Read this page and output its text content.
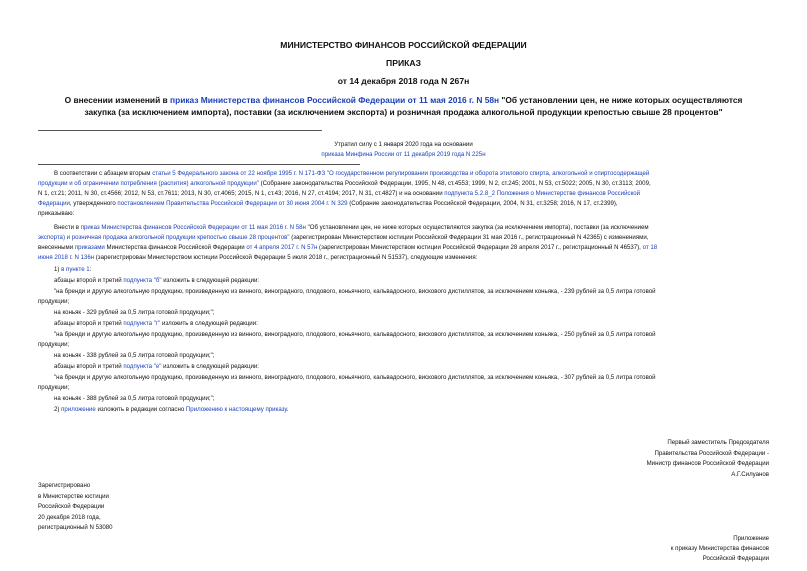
МИНИСТЕРСТВО ФИНАНСОВ РОССИЙСКОЙ ФЕДЕРАЦИИ
ПРИКАЗ
от 14 декабря 2018 года N 267н
О внесении изменений в приказ Министерства финансов Российской Федерации от 11 мая 2016 г. N 58н "Об установлении цен, не ниже которых осуществляются
закупка (за исключением импорта), поставки (за исключением экспорта) и розничная продажа алкогольной продукции крепостью свыше 28 процентов"
Утратил силу с 1 января 2020 года на основании
приказа Минфина России от 11 декабря 2019 года N 225н
В соответствии с абзацем вторым статьи 5 Федерального закона от 22 ноября 1995 г. N 171-ФЗ "О государственном регулировании производства и оборота этилового спирта, алкогольной и спиртосодержащей
продукции и об ограничении потребления (распития) алкогольной продукции" (Собрание законодательства Российской Федерации, 1995, N 48, ст.4553; 1999, N 2, ст.245; 2001, N 53, ст.5022; 2005, N 30, ст.3113; 2009,
N 1, ст.21; 2011, N 30, ст.4566; 2012, N 53, ст.7611; 2013, N 30, ст.4065; 2015, N 1, ст.43; 2016, N 27, ст.4194; 2017, N 31, ст.4827) и на основании подпункта 5.2.8_2 Положения о Министерстве финансов Российской
Федерации, утвержденного постановлением Правительства Российской Федерации от 30 июня 2004 г. N 329 (Собрание законодательства Российской Федерации, 2004, N 31, ст.3258; 2016, N 17, ст.2399),
приказываю:
Внести в приказ Министерства финансов Российской Федерации от 11 мая 2016 г. N 58н "Об установлении цен, не ниже которых осуществляются закупка (за исключением импорта), поставки (за исключением
экспорта) и розничная продажа алкогольной продукции крепостью свыше 28 процентов" (зарегистрирован Министерством юстиции Российской Федерации 31 мая 2016 г., регистрационный N 42365) с изменениями,
внесенными приказами Министерства финансов Российской Федерации от 4 апреля 2017 г. N 57н (зарегистрирован Министерством юстиции Российской Федерации 28 апреля 2017 г., регистрационный N 46537), от 18
июня 2018 г. N 136н (зарегистрирован Министерством юстиции Российской Федерации 5 июля 2018 г., регистрационный N 51537), следующие изменения:
1) в пункте 1:
абзацы второй и третий подпункта "б" изложить в следующей редакции:
"на бренди и другую алкогольную продукцию, произведенную из винного, виноградного, плодового, коньячного, кальвадосного, вискового дистиллятов, за исключением коньяка, - 239 рублей за 0,5 литра готовой
продукции;
на коньяк - 329 рублей за 0,5 литра готовой продукции;";
абзацы второй и третий подпункта "г" изложить в следующей редакции:
"на бренди и другую алкогольную продукцию, произведенную из винного, виноградного, плодового, коньячного, кальвадосного, вискового дистиллятов, за исключением коньяка, - 250 рублей за 0,5 литра готовой
продукции;
на коньяк - 338 рублей за 0,5 литра готовой продукции;";
абзацы второй и третий подпункта "е" изложить в следующей редакции:
"на бренди и другую алкогольную продукцию, произведенную из винного, виноградного, плодового, коньячного, кальвадосного, вискового дистиллятов, за исключением коньяка, - 307 рублей за 0,5 литра готовой
продукции;
на коньяк - 388 рублей за 0,5 литра готовой продукции;";
2) приложение изложить в редакции согласно Приложению к настоящему приказу.
Первый заместитель Председателя
Правительства Российской Федерации -
Министр финансов Российской Федерации
А.Г.Силуанов
Зарегистрировано
в Министерстве юстиции
Российской Федерации
20 декабря 2018 года,
регистрационный N 53080
Приложение
к приказу Министерства финансов
Российской Федерации
